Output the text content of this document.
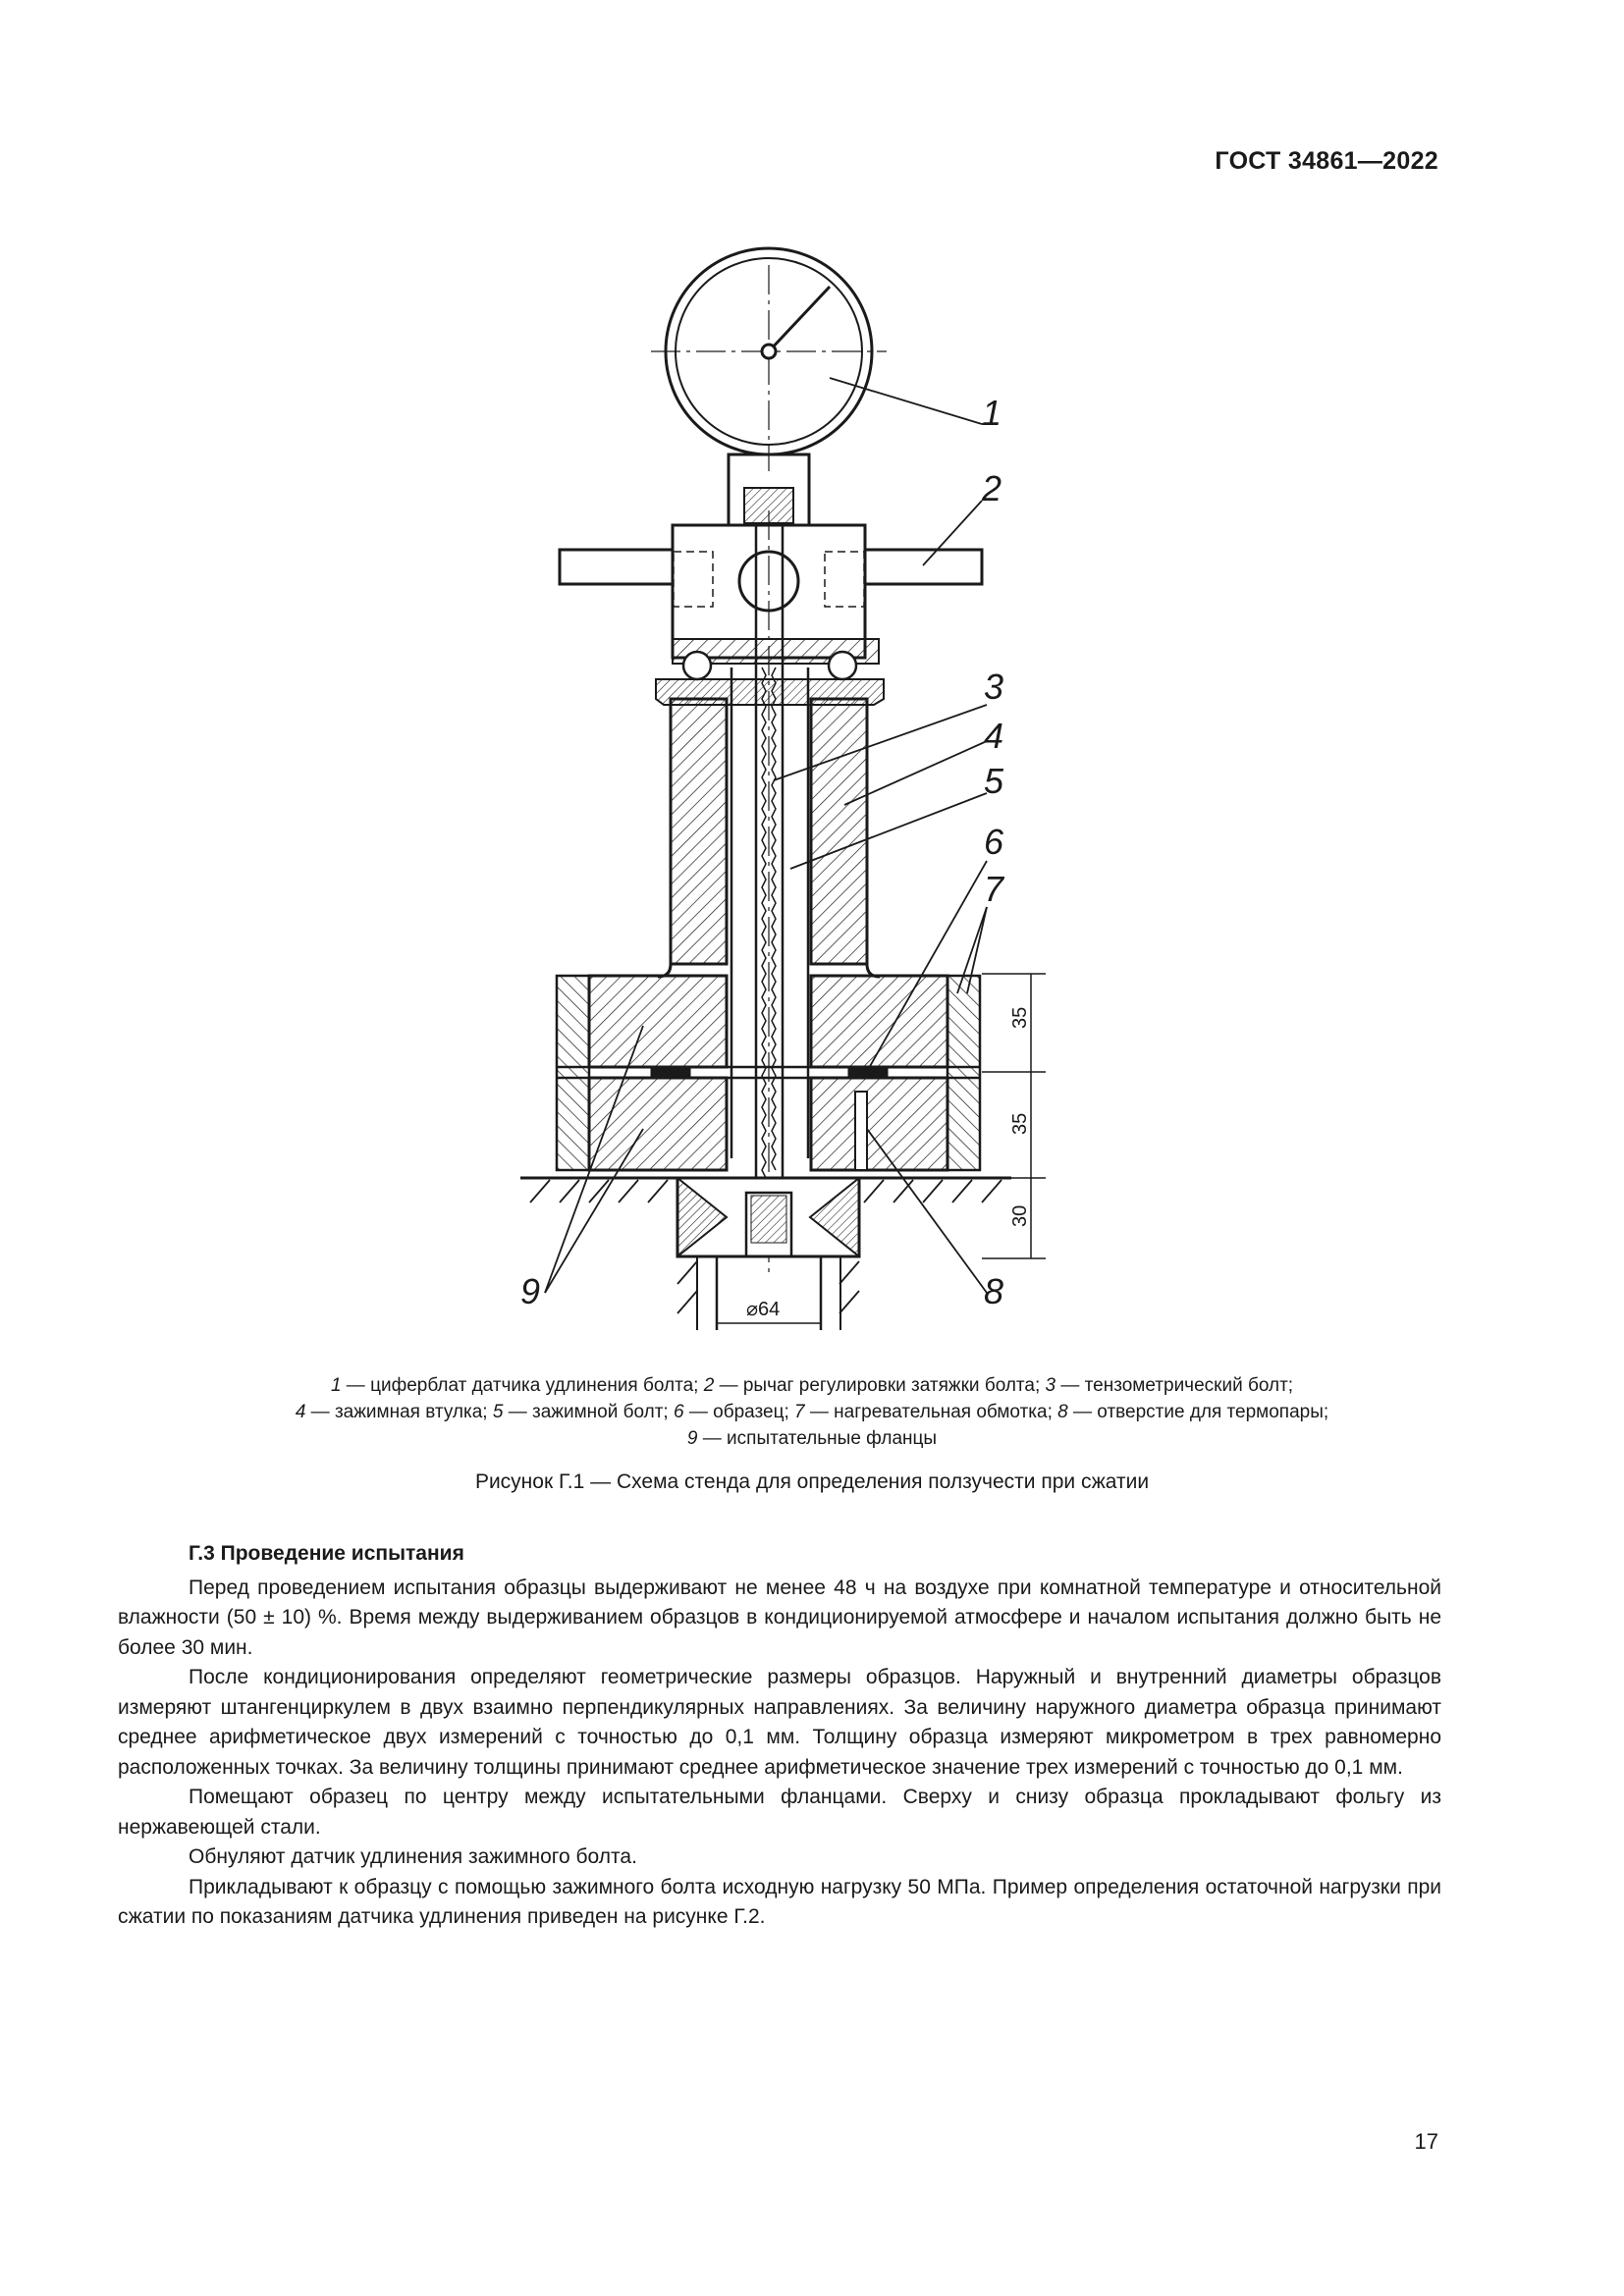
ГОСТ 34861—2022
1
2
3
4
5
6
7
8
9
35
35
30
⌀64
1 — циферблат датчика удлинения болта; 2 — рычаг регулировки затяжки болта; 3 — тензометрический болт;
4 — зажимная втулка; 5 — зажимной болт; 6 — образец; 7 — нагревательная обмотка; 8 — отверстие для термопары;
9 — испытательные фланцы
Рисунок Г.1 — Схема стенда для определения ползучести при сжатии
Г.3 Проведение испытания

Перед проведением испытания образцы выдерживают не менее 48 ч на воздухе при комнатной температуре и относительной влажности (50 ± 10) %. Время между выдерживанием образцов в кондиционируемой атмосфере и началом испытания должно быть не более 30 мин.

После кондиционирования определяют геометрические размеры образцов. Наружный и внутренний диаметры образцов измеряют штангенциркулем в двух взаимно перпендикулярных направлениях. За величину наружного диаметра образца принимают среднее арифметическое двух измерений с точностью до 0,1 мм. Толщину образца измеряют микрометром в трех равномерно расположенных точках. За величину толщины принимают среднее арифметическое значение трех измерений с точностью до 0,1 мм.

Помещают образец по центру между испытательными фланцами. Сверху и снизу образца прокладывают фольгу из нержавеющей стали.

Обнуляют датчик удлинения зажимного болта.

Прикладывают к образцу с помощью зажимного болта исходную нагрузку 50 МПа. Пример определения остаточной нагрузки при сжатии по показаниям датчика удлинения приведен на рисунке Г.2.

17
